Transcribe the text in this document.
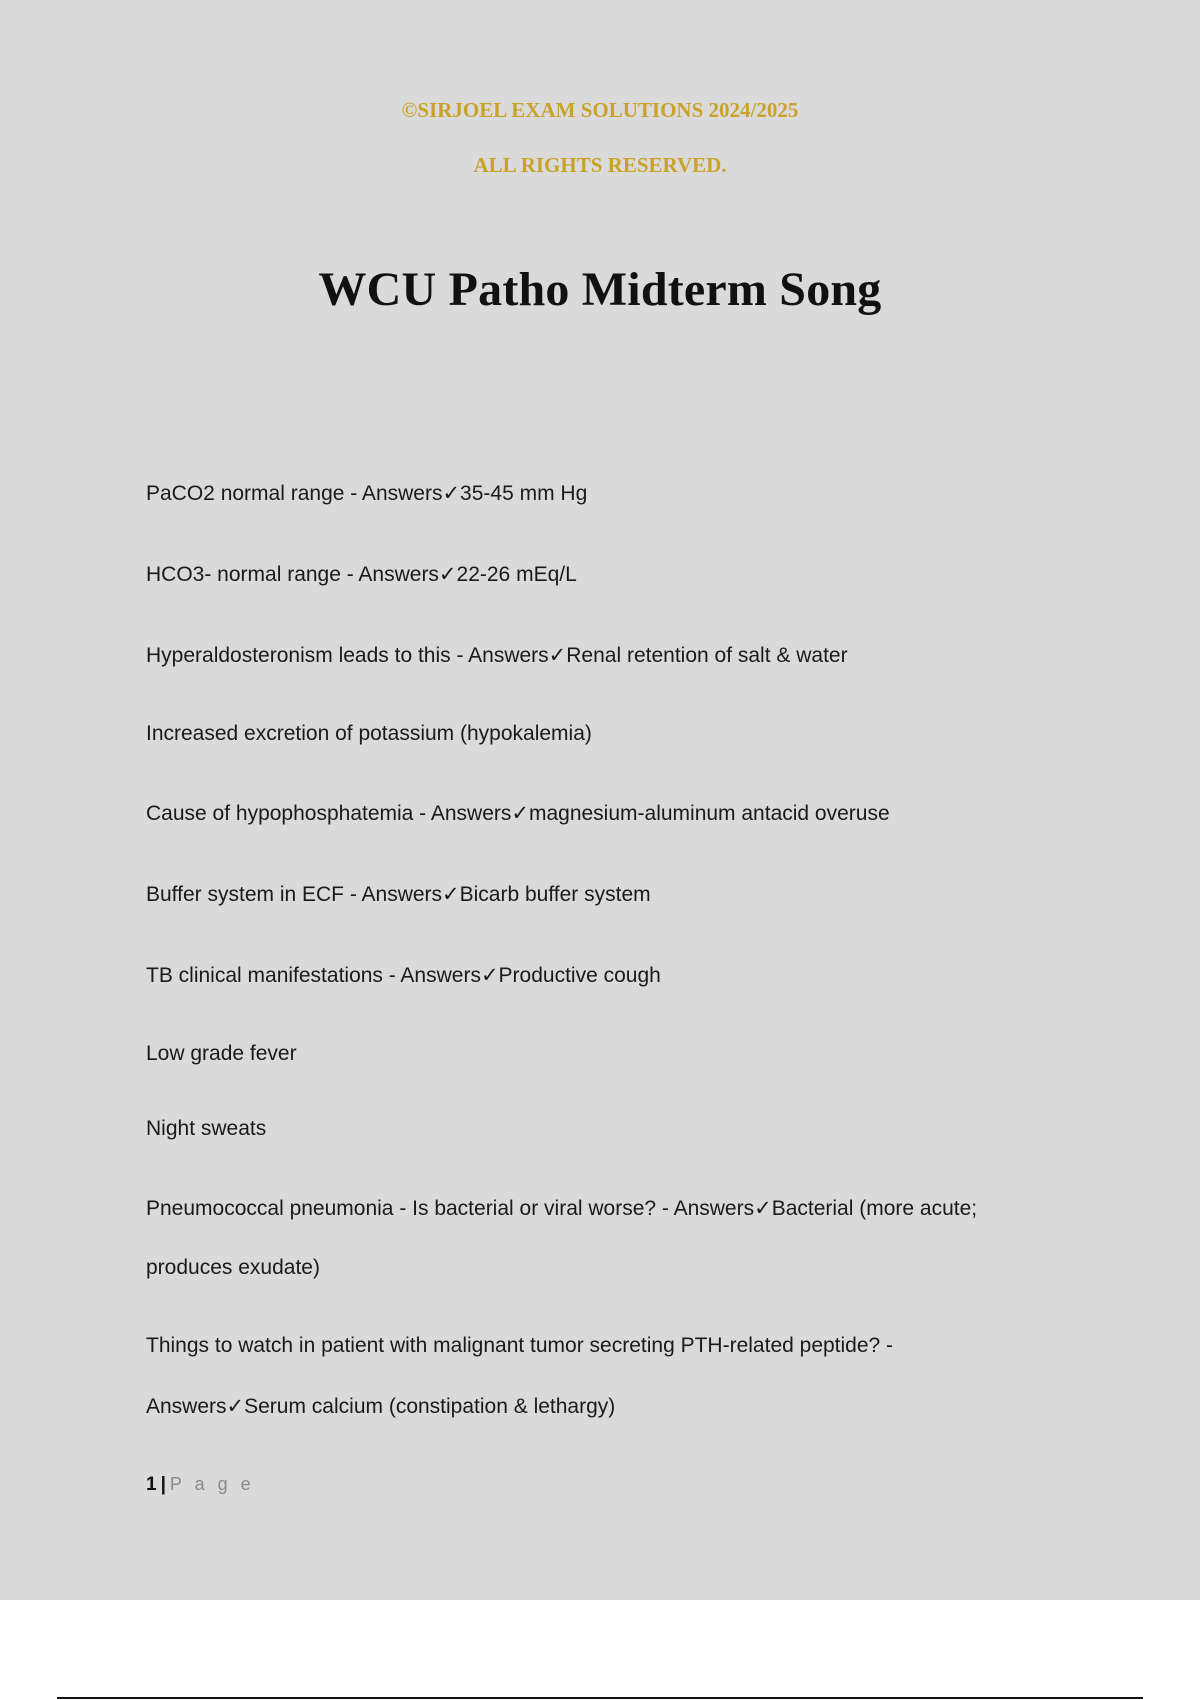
©SIRJOEL EXAM SOLUTIONS 2024/2025
ALL RIGHTS RESERVED.
WCU Patho Midterm Song
PaCO2 normal range - Answers✓35-45 mm Hg
HCO3- normal range - Answers✓22-26 mEq/L
Hyperaldosteronism leads to this - Answers✓Renal retention of salt & water
Increased excretion of potassium (hypokalemia)
Cause of hypophosphatemia - Answers✓magnesium-aluminum antacid overuse
Buffer system in ECF - Answers✓Bicarb buffer system
TB clinical manifestations - Answers✓Productive cough
Low grade fever
Night sweats
Pneumococcal pneumonia - Is bacterial or viral worse? - Answers✓Bacterial (more acute;
produces exudate)
Things to watch in patient with malignant tumor secreting PTH-related peptide? -
Answers✓Serum calcium (constipation & lethargy)
1 | P a g e
